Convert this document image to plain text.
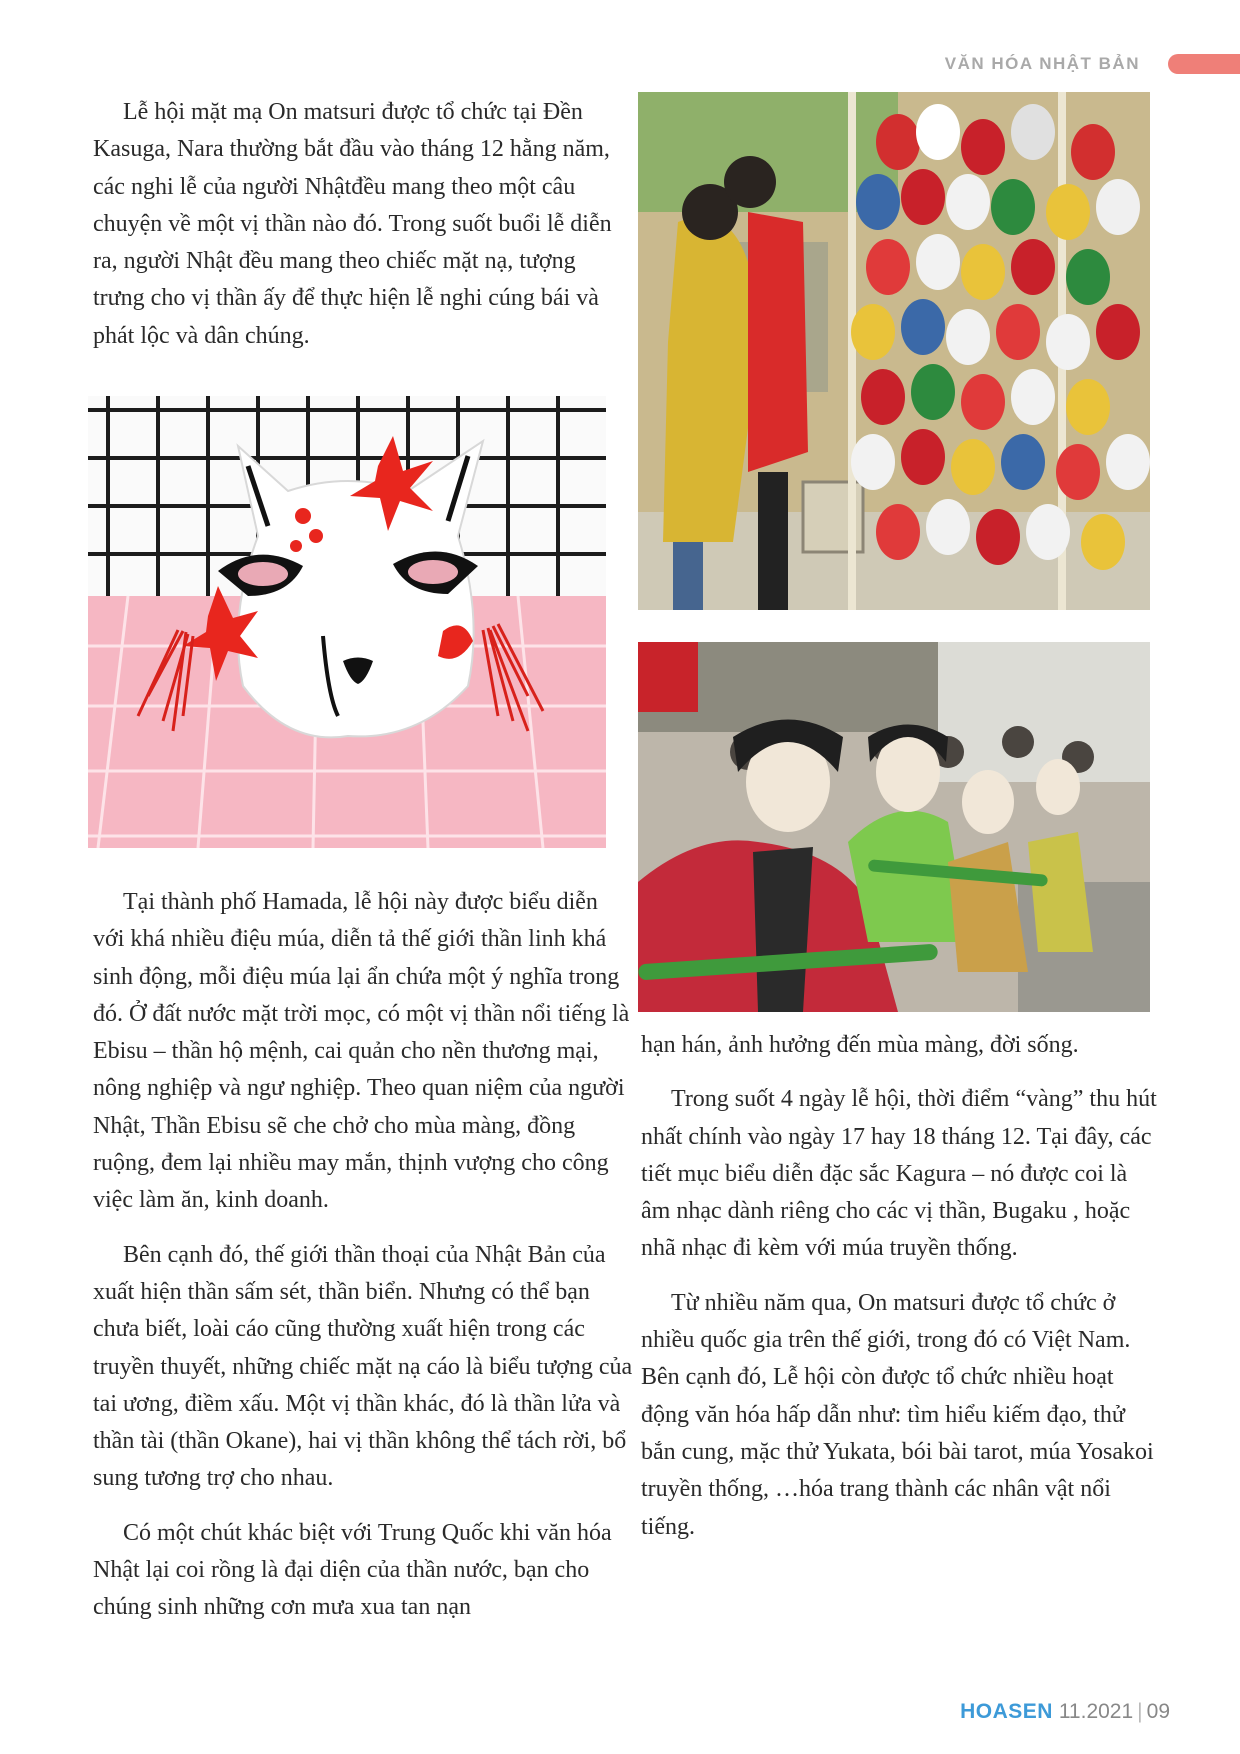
VĂN HÓA NHẬT BẢN

Lễ hội mặt mạ On matsuri được tổ chức tại Đền Kasuga, Nara thường bắt đầu vào tháng 12 hằng năm, các nghi lễ của người Nhậtđều mang theo một câu chuyện về một vị thần nào đó. Trong suốt buổi lễ diễn ra, người Nhật đều mang theo chiếc mặt nạ, tượng trưng cho vị thần ấy để thực hiện lễ nghi cúng bái và phát lộc và dân chúng.

Tại thành phố Hamada, lễ hội này được biểu diễn với khá nhiều điệu múa, diễn tả thế giới thần linh khá sinh động, mỗi điệu múa lại ẩn chứa một ý nghĩa trong đó. Ở đất nước mặt trời mọc, có một vị thần nổi tiếng là Ebisu – thần hộ mệnh, cai quản cho nền thương mại, nông nghiệp và ngư nghiệp. Theo quan niệm của người Nhật, Thần Ebisu sẽ che chở cho mùa màng, đồng ruộng, đem lại nhiều may mắn, thịnh vượng cho công việc làm ăn, kinh doanh.

Bên cạnh đó, thế giới thần thoại của Nhật Bản của xuất hiện thần sấm sét, thần biển. Nhưng có thể bạn chưa biết, loài cáo cũng thường xuất hiện trong các truyền thuyết, những chiếc mặt nạ cáo là biểu tượng của tai ương, điềm xấu. Một vị thần khác, đó là thần lửa và thần tài (thần Okane), hai vị thần không thể tách rời, bổ sung tương trợ cho nhau.

Có một chút khác biệt với Trung Quốc khi văn hóa Nhật lại coi rồng là đại diện của thần nước, bạn cho chúng sinh những cơn mưa xua tan nạn

hạn hán, ảnh hưởng đến mùa màng, đời sống.

Trong suốt 4 ngày lễ hội, thời điểm “vàng” thu hút nhất chính vào ngày 17 hay 18 tháng 12. Tại đây, các tiết mục biểu diễn đặc sắc Kagura – nó được coi là âm nhạc dành riêng cho các vị thần, Bugaku , hoặc nhã nhạc đi kèm với múa truyền thống.

Từ nhiều năm qua, On matsuri được tổ chức ở nhiều quốc gia trên thế giới, trong đó có Việt Nam. Bên cạnh đó, Lễ hội còn được tổ chức nhiều hoạt động văn hóa hấp dẫn như: tìm hiểu kiếm đạo, thử bắn cung, mặc thử Yukata, bói bài tarot, múa Yosakoi truyền thống, …hóa trang thành các nhân vật nổi tiếng.

HOASEN 11.2021 | 09
